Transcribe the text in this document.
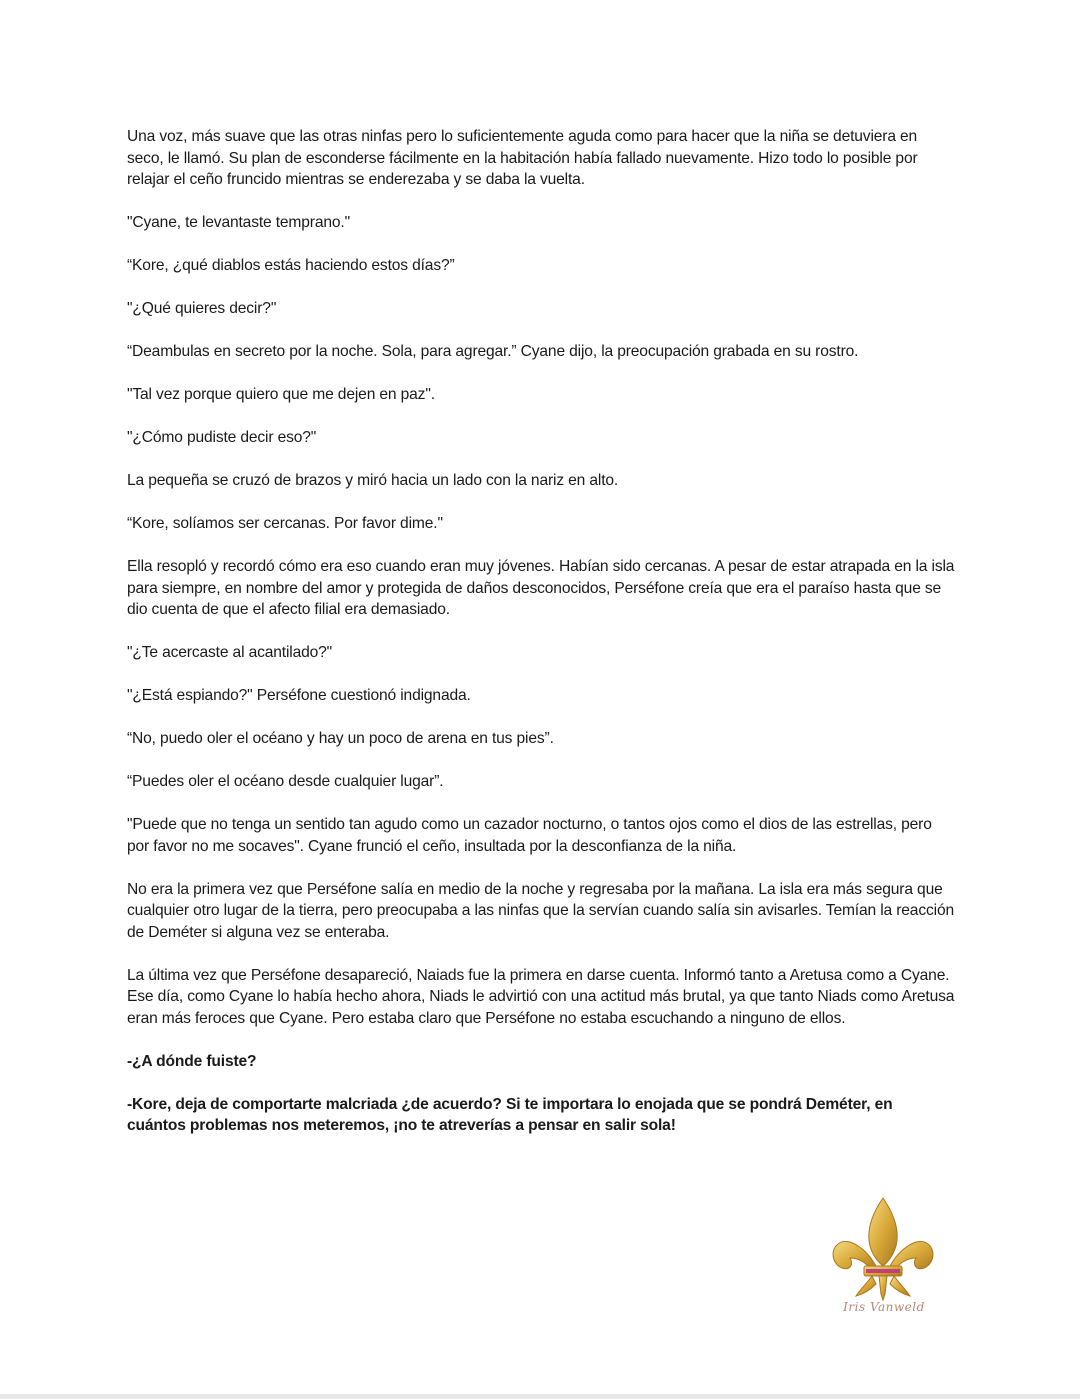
Una voz, más suave que las otras ninfas pero lo suficientemente aguda como para hacer que la niña se detuviera en seco, le llamó. Su plan de esconderse fácilmente en la habitación había fallado nuevamente. Hizo todo lo posible por relajar el ceño fruncido mientras se enderezaba y se daba la vuelta.

"Cyane, te levantaste temprano."

“Kore, ¿qué diablos estás haciendo estos días?”

"¿Qué quieres decir?"

“Deambulas en secreto por la noche. Sola, para agregar.” Cyane dijo, la preocupación grabada en su rostro.

"Tal vez porque quiero que me dejen en paz".

"¿Cómo pudiste decir eso?"

La pequeña se cruzó de brazos y miró hacia un lado con la nariz en alto.

“Kore, solíamos ser cercanas. Por favor dime."

Ella resopló y recordó cómo era eso cuando eran muy jóvenes. Habían sido cercanas. A pesar de estar atrapada en la isla para siempre, en nombre del amor y protegida de daños desconocidos, Perséfone creía que era el paraíso hasta que se dio cuenta de que el afecto filial era demasiado.

"¿Te acercaste al acantilado?"

"¿Está espiando?" Perséfone cuestionó indignada.

“No, puedo oler el océano y hay un poco de arena en tus pies”.

“Puedes oler el océano desde cualquier lugar”.

"Puede que no tenga un sentido tan agudo como un cazador nocturno, o tantos ojos como el dios de las estrellas, pero por favor no me socaves". Cyane frunció el ceño, insultada por la desconfianza de la niña.

No era la primera vez que Perséfone salía en medio de la noche y regresaba por la mañana. La isla era más segura que cualquier otro lugar de la tierra, pero preocupaba a las ninfas que la servían cuando salía sin avisarles. Temían la reacción de Deméter si alguna vez se enteraba.

La última vez que Perséfone desapareció, Naiads fue la primera en darse cuenta. Informó tanto a Aretusa como a Cyane. Ese día, como Cyane lo había hecho ahora, Niads le advirtió con una actitud más brutal, ya que tanto Niads como Aretusa eran más feroces que Cyane. Pero estaba claro que Perséfone no estaba escuchando a ninguno de ellos.

-¿A dónde fuiste?

-Kore, deja de comportarte malcriada ¿de acuerdo? Si te importara lo enojada que se pondrá Deméter, en cuántos problemas nos meteremos, ¡no te atreverías a pensar en salir sola!

Iris Vanweld
